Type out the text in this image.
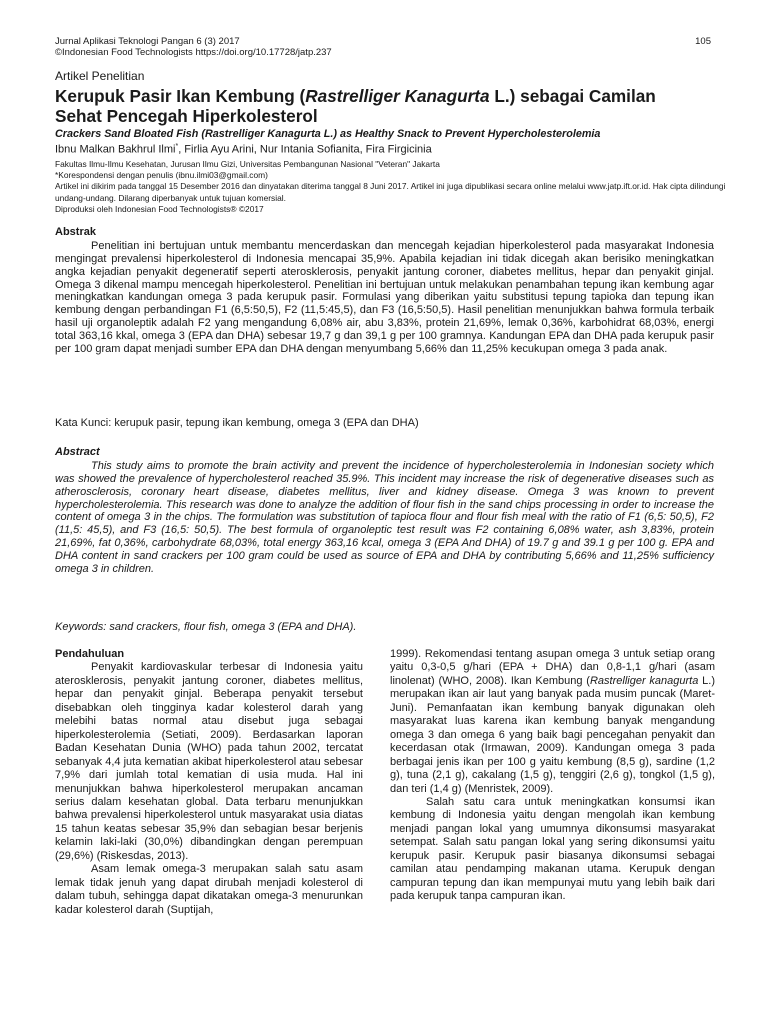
Jurnal Aplikasi Teknologi Pangan 6 (3) 2017
©Indonesian Food Technologists https://doi.org/10.17728/jatp.237
105
Artikel Penelitian
Kerupuk Pasir Ikan Kembung (Rastrelliger Kanagurta L.) sebagai Camilan
Sehat Pencegah Hiperkolesterol
Crackers Sand Bloated Fish (Rastrelliger Kanagurta L.) as Healthy Snack to Prevent Hypercholesterolemia
Ibnu Malkan Bakhrul Ilmi*, Firlia Ayu Arini, Nur Intania Sofianita, Fira Firgicinia
Fakultas Ilmu-Ilmu Kesehatan, Jurusan Ilmu Gizi, Universitas Pembangunan Nasional "Veteran" Jakarta
*Korespondensi dengan penulis (ibnu.ilmi03@gmail.com)
Artikel ini dikirim pada tanggal 15 Desember 2016 dan dinyatakan diterima tanggal 8 Juni 2017. Artikel ini juga dipublikasi secara online melalui www.jatp.ift.or.id. Hak cipta dilindungi undang-undang. Dilarang diperbanyak untuk tujuan komersial.
Diproduksi oleh Indonesian Food Technologists® ©2017
Abstrak

Penelitian ini bertujuan untuk membantu mencerdaskan dan mencegah kejadian hiperkolesterol pada masyarakat Indonesia mengingat prevalensi hiperkolesterol di Indonesia mencapai 35,9%. Apabila kejadian ini tidak dicegah akan berisiko meningkatkan angka kejadian penyakit degeneratif seperti aterosklerosis, penyakit jantung coroner, diabetes mellitus, hepar dan penyakit ginjal. Omega 3 dikenal mampu mencegah hiperkolesterol. Penelitian ini bertujuan untuk melakukan penambahan tepung ikan kembung agar meningkatkan kandungan omega 3 pada kerupuk pasir. Formulasi yang diberikan yaitu substitusi tepung tapioka dan tepung ikan kembung dengan perbandingan F1 (6,5:50,5), F2 (11,5:45,5), dan F3 (16,5:50,5). Hasil penelitian menunjukkan bahwa formula terbaik hasil uji organoleptik adalah F2 yang mengandung 6,08% air, abu 3,83%, protein 21,69%, lemak 0,36%, karbohidrat 68,03%, energi total 363,16 kkal, omega 3 (EPA dan DHA) sebesar 19,7 g dan 39,1 g per 100 gramnya. Kandungan EPA dan DHA pada kerupuk pasir per 100 gram dapat menjadi sumber EPA dan DHA dengan menyumbang 5,66% dan 11,25% kecukupan omega 3 pada anak.

Kata Kunci: kerupuk pasir, tepung ikan kembung, omega 3 (EPA dan DHA)
Abstract

This study aims to promote the brain activity and prevent the incidence of hypercholesterolemia in Indonesian society which was showed the prevalence of hypercholesterol reached 35.9%. This incident may increase the risk of degenerative diseases such as atherosclerosis, coronary heart disease, diabetes mellitus, liver and kidney disease. Omega 3 was known to prevent hypercholesterolemia. This research was done to analyze the addition of flour fish in the sand chips processing in order to increase the content of omega 3 in the chips. The formulation was substitution of tapioca flour and flour fish meal with the ratio of F1 (6,5: 50,5), F2 (11,5: 45,5), and F3 (16,5: 50,5). The best formula of organoleptic test result was F2 containing 6,08% water, ash 3,83%, protein 21,69%, fat 0,36%, carbohydrate 68,03%, total energy 363,16 kcal, omega 3 (EPA And DHA) of 19.7 g and 39.1 g per 100 g. EPA and DHA content in sand crackers per 100 gram could be used as source of EPA and DHA by contributing 5,66% and 11,25% sufficiency omega 3 in children.

Keywords: sand crackers, flour fish, omega 3 (EPA and DHA).

Pendahuluan

Penyakit kardiovaskular terbesar di Indonesia yaitu aterosklerosis, penyakit jantung coroner, diabetes mellitus, hepar dan penyakit ginjal. Beberapa penyakit tersebut disebabkan oleh tingginya kadar kolesterol darah yang melebihi batas normal atau disebut juga sebagai hiperkolesterolemia (Setiati, 2009). Berdasarkan laporan Badan Kesehatan Dunia (WHO) pada tahun 2002, tercatat sebanyak 4,4 juta kematian akibat hiperkolesterol atau sebesar 7,9% dari jumlah total kematian di usia muda. Hal ini menunjukkan bahwa hiperkolesterol merupakan ancaman serius dalam kesehatan global. Data terbaru menunjukkan bahwa prevalensi hiperkolesterol untuk masyarakat usia diatas 15 tahun keatas sebesar 35,9% dan sebagian besar berjenis kelamin laki-laki (30,0%) dibandingkan dengan perempuan (29,6%) (Riskesdas, 2013).

Asam lemak omega-3 merupakan salah satu asam lemak tidak jenuh yang dapat dirubah menjadi kolesterol di dalam tubuh, sehingga dapat dikatakan omega-3 menurunkan kadar kolesterol darah (Suptijah,

1999). Rekomendasi tentang asupan omega 3 untuk setiap orang yaitu 0,3-0,5 g/hari (EPA + DHA) dan 0,8-1,1 g/hari (asam linolenat) (WHO, 2008). Ikan Kembung (Rastrelliger kanagurta L.) merupakan ikan air laut yang banyak pada musim puncak (Maret-Juni). Pemanfaatan ikan kembung banyak digunakan oleh masyarakat luas karena ikan kembung banyak mengandung omega 3 dan omega 6 yang baik bagi pencegahan penyakit dan kecerdasan otak (Irmawan, 2009). Kandungan omega 3 pada berbagai jenis ikan per 100 g yaitu kembung (8,5 g), sardine (1,2 g), tuna (2,1 g), cakalang (1,5 g), tenggiri (2,6 g), tongkol (1,5 g), dan teri (1,4 g) (Menristek, 2009).

Salah satu cara untuk meningkatkan konsumsi ikan kembung di Indonesia yaitu dengan mengolah ikan kembung menjadi pangan lokal yang umumnya dikonsumsi masyarakat setempat. Salah satu pangan lokal yang sering dikonsumsi yaitu kerupuk pasir. Kerupuk pasir biasanya dikonsumsi sebagai camilan atau pendamping makanan utama. Kerupuk dengan campuran tepung dan ikan mempunyai mutu yang lebih baik dari pada kerupuk tanpa campuran ikan.
